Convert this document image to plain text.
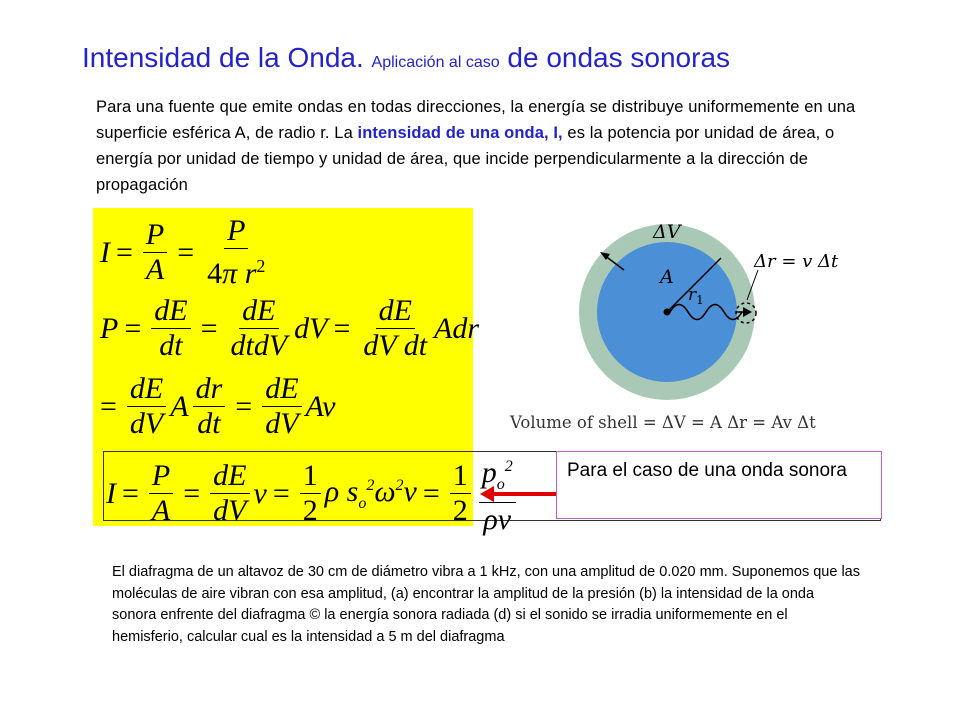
Intensidad de la Onda. Aplicación al caso de ondas sonoras
Para una fuente que emite ondas en todas direcciones, la energía se distribuye uniformemente en una superficie esférica A, de radio r. La intensidad de una onda, I, es la potencia por unidad de área, o energía por unidad de tiempo y unidad de área, que incide perpendicularmente a la dirección de propagación
$I = \frac{P}{A} = \frac{P}{4\pi r^2}$
$P = \frac{dE}{dt} = \frac{dE}{\text{dtdV}}$ dV = $\frac{dE}{\text{dV dt}}$ Adr
= $\frac{dE}{dV}$ A $\frac{dr}{dt} = \frac{dE}{dV}$ Av
$I = \frac{P}{A} = \frac{dE}{dV}$ $v = \frac{1}{2}$ ρ $s_o^2\omega^2v = \frac{1}{2} \frac{p_o^2}{\rho v}$	Para el caso de una onda sonora
ΔV
A
Δr = v Δt
$r_1$
Volume of shell = ΔV = A Δr = Av Δt
El diafragma de un altavoz de 30 cm de diámetro vibra a 1 kHz, con una amplitud de 0.020 mm. Suponemos que las moléculas de aire vibran con esa amplitud, (a) encontrar la amplitud de la presión (b) la intensidad de la onda sonora enfrente del diafragma © la energía sonora radiada (d) si el sonido se irradia uniformemente en el hemisferio, calcular cual es la intensidad a 5 m del diafragma
